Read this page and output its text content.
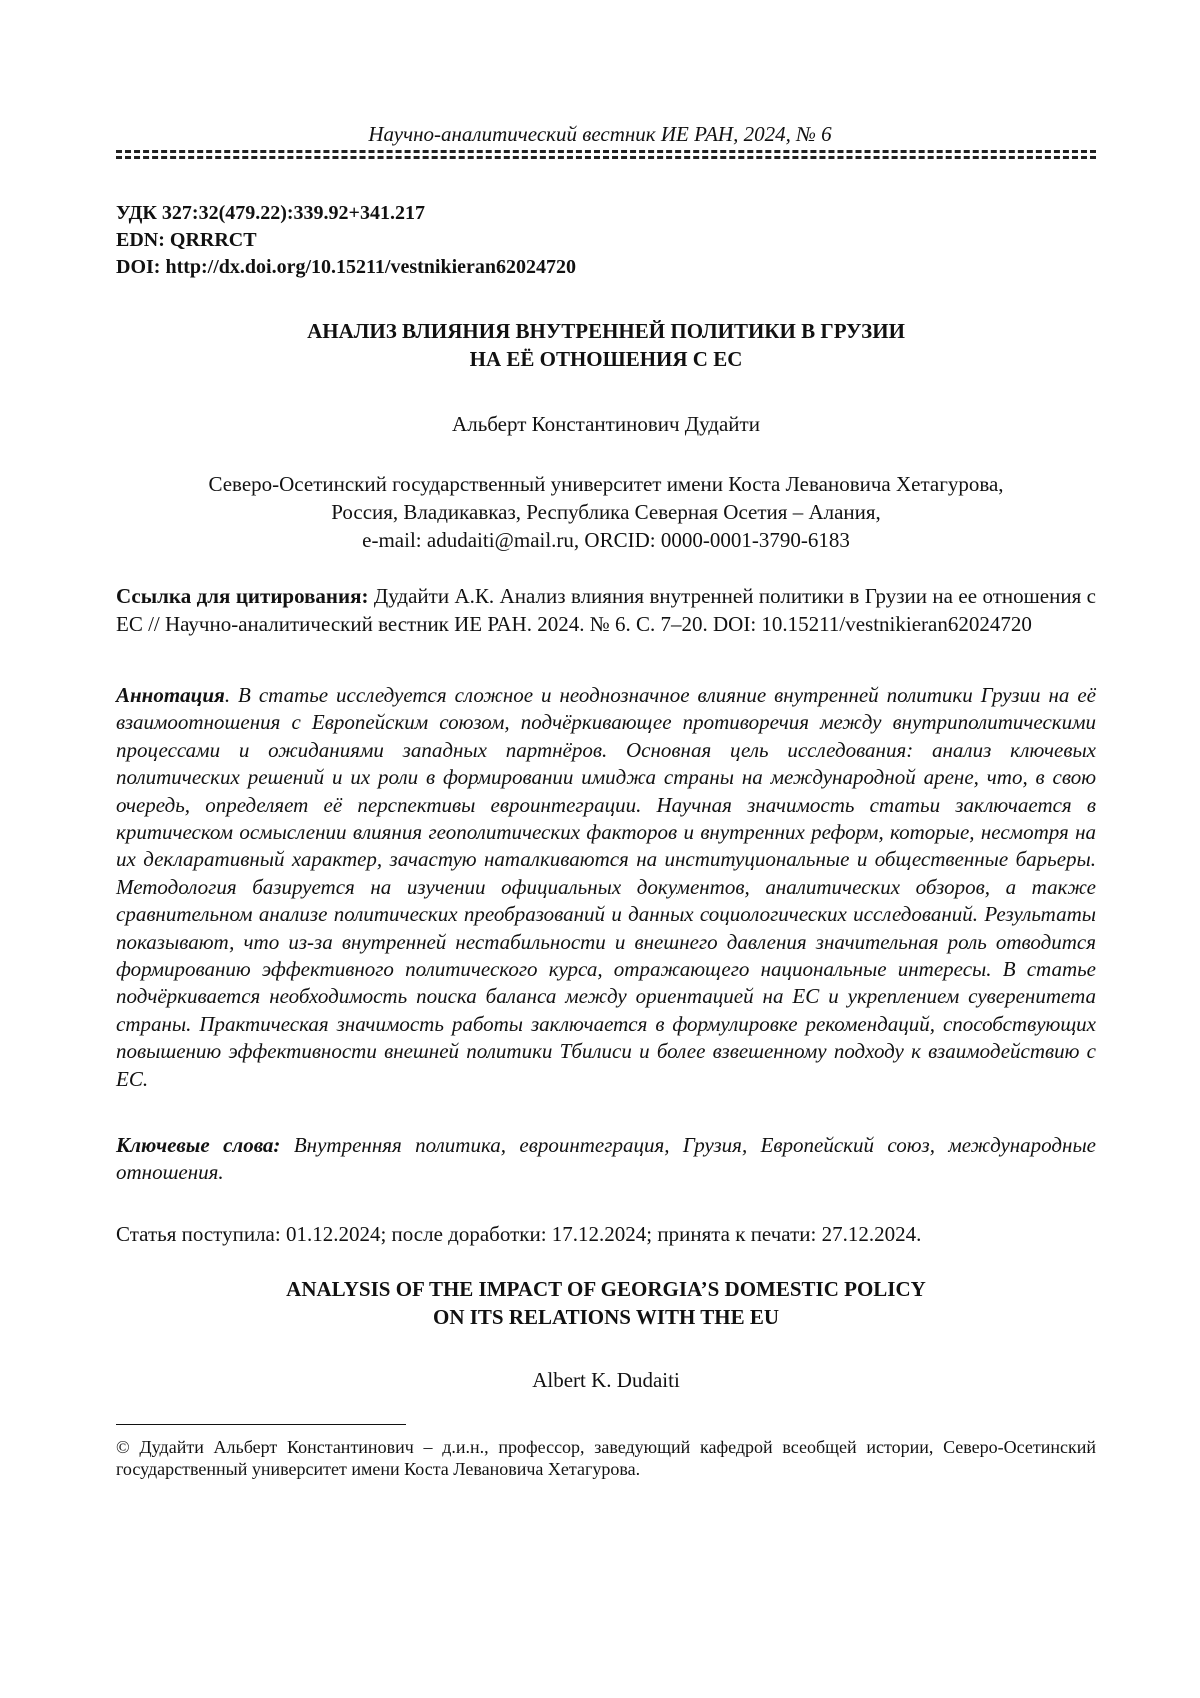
Научно-аналитический вестник ИЕ РАН, 2024, № 6
УДК 327:32(479.22):339.92+341.217
EDN: QRRRCT
DOI: http://dx.doi.org/10.15211/vestnikieran62024720
АНАЛИЗ ВЛИЯНИЯ ВНУТРЕННЕЙ ПОЛИТИКИ В ГРУЗИИ
НА ЕЁ ОТНОШЕНИЯ С ЕС
Альберт Константинович Дудайти
Северо-Осетинский государственный университет имени Коста Левановича Хетагурова,
Россия, Владикавказ, Республика Северная Осетия – Алания,
e-mail: adudaiti@mail.ru, ORCID: 0000-0001-3790-6183
Ссылка для цитирования: Дудайти А.К. Анализ влияния внутренней политики в Грузии на ее отношения с ЕС // Научно-аналитический вестник ИЕ РАН. 2024. № 6. С. 7–20. DOI: 10.15211/vestnikieran62024720
Аннотация. В статье исследуется сложное и неоднозначное влияние внутренней политики Грузии на её взаимоотношения с Европейским союзом, подчёркивающее противоречия между внутриполитическими процессами и ожиданиями западных партнёров. Основная цель исследования: анализ ключевых политических решений и их роли в формировании имиджа страны на международной арене, что, в свою очередь, определяет её перспективы евроинтеграции. Научная значимость статьи заключается в критическом осмыслении влияния геополитических факторов и внутренних реформ, которые, несмотря на их декларативный характер, зачастую наталкиваются на институциональные и общественные барьеры. Методология базируется на изучении официальных документов, аналитических обзоров, а также сравнительном анализе политических преобразований и данных социологических исследований. Результаты показывают, что из-за внутренней нестабильности и внешнего давления значительная роль отводится формированию эффективного политического курса, отражающего национальные интересы. В статье подчёркивается необходимость поиска баланса между ориентацией на ЕС и укреплением суверенитета страны. Практическая значимость работы заключается в формулировке рекомендаций, способствующих повышению эффективности внешней политики Тбилиси и более взвешенному подходу к взаимодействию с ЕС.
Ключевые слова: Внутренняя политика, евроинтеграция, Грузия, Европейский союз, международные отношения.
Статья поступила: 01.12.2024; после доработки: 17.12.2024; принята к печати: 27.12.2024.
ANALYSIS OF THE IMPACT OF GEORGIA’S DOMESTIC POLICY
ON ITS RELATIONS WITH THE EU
Albert K. Dudaiti
© Дудайти Альберт Константинович – д.и.н., профессор, заведующий кафедрой всеобщей истории, Северо-Осетинский государственный университет имени Коста Левановича Хетагурова.
